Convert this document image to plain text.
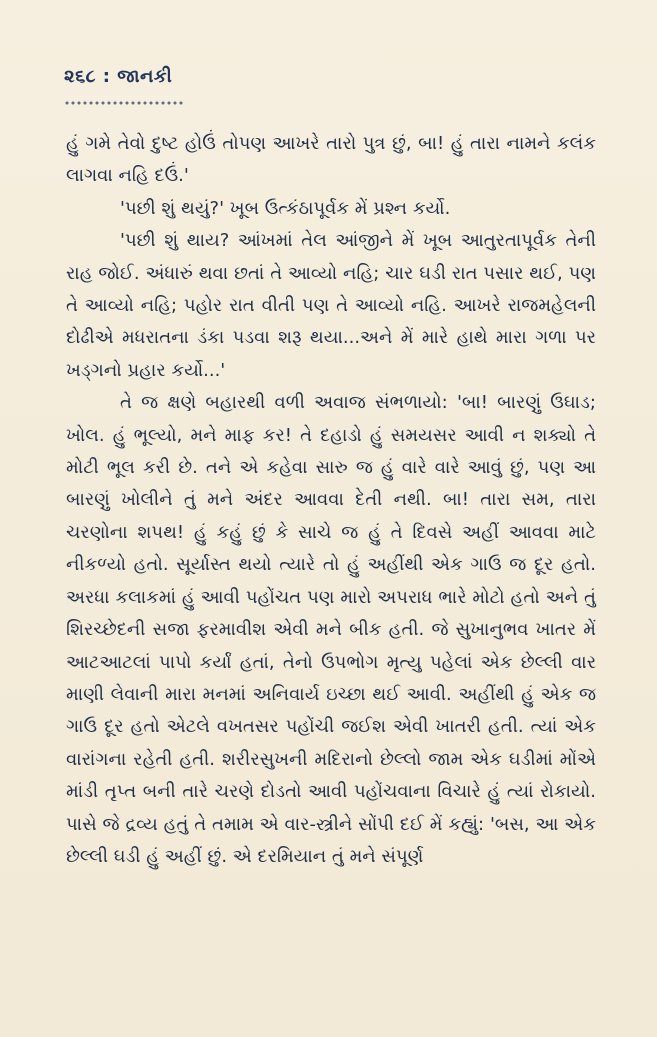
૨૬૮ : જાનકી

હું ગમે તેવો દુષ્ટ હોઉં તોપણ આખરે તારો પુત્ર છું, બા! હું તારા નામને કલંક લાગવા નહિ દઉં.'

'પછી શું થયું?' ખૂબ ઉત્કંઠાપૂર્વક મેં પ્રશ્ન કર્યો.

'પછી શું થાય? આંખમાં તેલ આંજીને મેં ખૂબ આતુરતાપૂર્વક તેની રાહ જોઈ. અંધારું થવા છતાં તે આવ્યો નહિ; ચાર ઘડી રાત પસાર થઈ, પણ તે આવ્યો નહિ; પહોર રાત વીતી પણ તે આવ્યો નહિ. આખરે રાજમહેલની દોઢીએ મધરાતના ડંકા પડવા શરૂ થયા...અને મેં મારે હાથે મારા ગળા પર ખડ્ગનો પ્રહાર કર્યો...'

તે જ ક્ષણે બહારથી વળી અવાજ સંભળાયો: 'બા! બારણું ઉઘાડ; ખોલ. હું ભૂલ્યો, મને માફ કર! તે દહાડો હું સમયસર આવી ન શક્યો તે મોટી ભૂલ કરી છે. તને એ કહેવા સારુ જ હું વારે વારે આવું છું, પણ આ બારણું ખોલીને તું મને અંદર આવવા દેતી નથી. બા! તારા સમ, તારા ચરણોના શપથ! હું કહું છું કે સાચે જ હું તે દિવસે અહીં આવવા માટે નીકળ્યો હતો. સૂર્યાસ્ત થયો ત્યારે તો હું અહીંથી એક ગાઉ જ દૂર હતો. અરધા કલાકમાં હું આવી પહોંચત પણ મારો અપરાધ ભારે મોટો હતો અને તું શિરચ્છેદની સજા ફરમાવીશ એવી મને બીક હતી. જે સુખાનુભવ ખાતર મેં આટઆટલાં પાપો કર્યાં હતાં, તેનો ઉપભોગ મૃત્યુ પહેલાં એક છેલ્લી વાર માણી લેવાની મારા મનમાં અનિવાર્ય ઇચ્છા થઈ આવી. અહીંથી હું એક જ ગાઉ દૂર હતો એટલે વખતસર પહોંચી જઈશ એવી ખાતરી હતી. ત્યાં એક વારાંગના રહેતી હતી. શરીરસુખની મદિરાનો છેલ્લો જામ એક ઘડીમાં મોંએ માંડી તૃપ્ત બની તારે ચરણે દોડતો આવી પહોંચવાના વિચારે હું ત્યાં રોકાયો. પાસે જે દ્રવ્ય હતું તે તમામ એ વાર-સ્ત્રીને સોંપી દઈ મેં કહ્યું: 'બસ, આ એક છેલ્લી ઘડી હું અહીં છું. એ દરમિયાન તું મને સંપૂર્ણ
